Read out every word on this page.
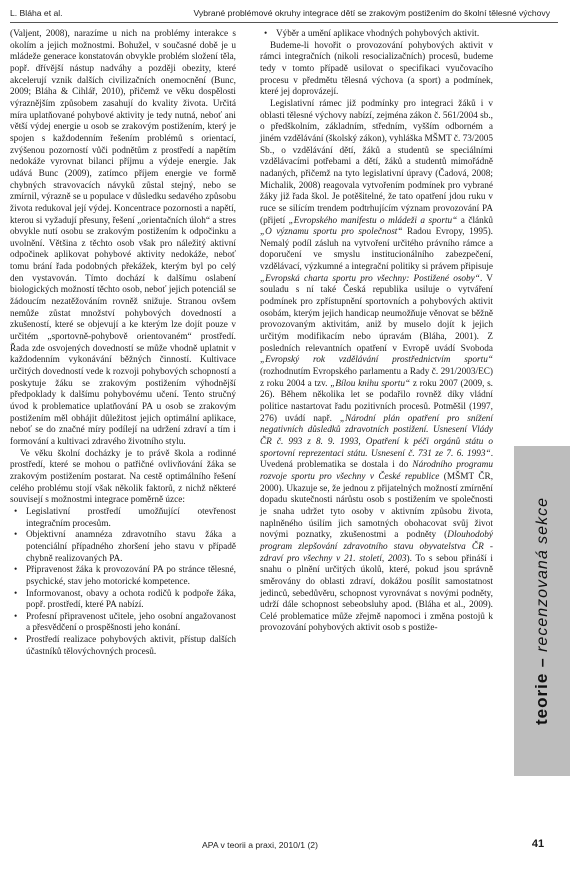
L. Bláha et al.	Vybrané problémové okruhy integrace dětí se zrakovým postižením do školní tělesné výchovy

(Valjent, 2008), narazíme u nich na problémy interakce s okolím a jejich možnostmi. Bohužel, v současné době je u mládeže generace konstatován obvykle problém složení těla, popř. dřívější nástup nadváhy a později obezity, které akcelerují vznik dalších civilizačních onemocnění (Bunc, 2009; Bláha & Cihlář, 2010), přičemž ve věku dospělosti výraznějším způsobem zasahují do kvality života. Určitá míra uplatňované pohybové aktivity je tedy nutná, neboť ani větší výdej energie u osob se zrakovým postižením, který je spojen s každodenním řešením problémů s orientací, zvýšenou pozorností vůči podnětům z prostředí a napětím nedokáže vyrovnat bilanci příjmu a výdeje energie. Jak udává Bunc (2009), zatímco příjem energie ve formě chybných stravovacích návyků zůstal stejný, nebo se zmírnil, výrazně se u populace v důsledku sedavého způsobu života redukoval její výdej. Koncentrace pozornosti a napětí, kterou si vyžadují přesuny, řešení „orientačních úloh“ a stres obvykle nutí osobu se zrakovým postižením k odpočinku a uvolnění. Většina z těchto osob však pro náležitý aktivní odpočinek aplikovat pohybové aktivity nedokáže, neboť tomu brání řada podobných překážek, kterým byl po celý den vystavován. Tímto dochází k dalšímu oslabení biologických možností těchto osob, neboť jejich potenciál se žádoucím nezatěžováním rovněž snižuje. Stranou ovšem nemůže zůstat množství pohybových dovedností a zkušeností, které se objevují a ke kterým lze dojít pouze v určitém „sportovně-pohybově orientovaném“ prostředí. Řada zde osvojených dovedností se může vhodně uplatnit v každodenním vykonávání běžných činností. Kultivace určitých dovedností vede k rozvoji pohybových schopností a poskytuje žáku se zrakovým postižením výhodnější předpoklady k dalšímu pohybovému učení. Tento stručný úvod k problematice uplatňování PA u osob se zrakovým postižením měl obhájit důležitost jejich optimální aplikace, neboť se do značné míry podílejí na udržení zdraví a tím i formování a kultivaci zdravého životního stylu.

Ve věku školní docházky je to právě škola a rodinné prostředí, které se mohou o patřičné ovlivňování žáka se zrakovým postižením postarat. Na cestě optimálního řešení celého problému stojí však několik faktorů, z nichž některé souvisejí s možnostmi integrace poměrně úzce:

• Legislativní prostředí umožňující otevřenost integračním procesům.
• Objektivní anamnéza zdravotního stavu žáka a potenciální případného zhoršení jeho stavu v případě chybně realizovaných PA.
• Připravenost žáka k provozování PA po stránce tělesné, psychické, stav jeho motorické kompetence.
• Informovanost, obavy a ochota rodičů k podpoře žáka, popř. prostředí, které PA nabízí.
• Profesní připravenost učitele, jeho osobní angažovanost a přesvědčení o prospěšnosti jeho konání.
• Prostředí realizace pohybových aktivit, přístup dalších účastníků tělovýchovných procesů.
• Výběr a umění aplikace vhodných pohybových aktivit.

Budeme-li hovořit o provozování pohybových aktivit v rámci integračních (nikoli resocializačních) procesů, budeme tedy v tomto případě usilovat o specifikaci vyučovacího procesu v předmětu tělesná výchova (a sport) a podmínek, které jej doprovázejí.

Legislativní rámec již podmínky pro integraci žáků i v oblasti tělesné výchovy nabízí, zejména zákon č. 561/2004 sb., o předškolním, základním, středním, vyšším odborném a jiném vzdělávání (školský zákon), vyhláška MŠMT č. 73/2005 Sb., o vzdělávání dětí, žáků a studentů se speciálními vzdělávacími potřebami a dětí, žáků a studentů mimořádně nadaných, přičemž na tyto legislativní úpravy (Čadová, 2008; Michalik, 2008) reagovala vytvořením podmínek pro vybrané žáky již řada škol. Je potěšitelné, že tato opatření jdou ruku v ruce se silícím trendem podtrhujícím význam provozování PA (přijetí „Evropského manifestu o mládeži a sportu“ a článků „O významu sportu pro společnost“ Radou Evropy, 1995). Nemalý podíl zásluh na vytvoření určitého právního rámce a doporučení ve smyslu institucionálního zabezpečení, vzdělávací, výzkumné a integrační politiky si právem připisuje „Evropská charta sportu pro všechny: Postižené osoby“. V souladu s ní také Česká republika usiluje o vytváření podmínek pro zpřístupnění sportovních a pohybových aktivit osobám, kterým jejich handicap neumožňuje věnovat se běžně provozovaným aktivitám, aniž by muselo dojít k jejich určitým modifikacím nebo úpravám (Bláha, 2001). Z posledních relevantních opatření v Evropě uvádí Svoboda „Evropský rok vzdělávání prostřednictvím sportu“ (rozhodnutím Evropského parlamentu a Rady č. 291/2003/EC) z roku 2004 a tzv. „Bílou knihu sportu“ z roku 2007 (2009, s. 26). Během několika let se podařilo rovněž díky vládní politice nastartovat řadu pozitivních procesů. Potměšil (1997, 276) uvádí např. „Národní plán opatření pro snížení negativních důsledků zdravotních postižení. Usnesení Vlády ČR č. 993 z 8. 9. 1993, Opatření k péči orgánů státu o sportovní reprezentaci státu. Usnesení č. 731 ze 7. 6. 1993“. Uvedená problematika se dostala i do Národního programu rozvoje sportu pro všechny v České republice (MŠMT ČR, 2000). Ukazuje se, že jednou z přijatelných možností zmírnění dopadu skutečnosti nárůstu osob s postižením ve společnosti je snaha udržet tyto osoby v aktivním způsobu života, naplněného úsilím jich samotných obohacovat svůj život novými poznatky, zkušenostmi a podněty (Dlouhodobý program zlepšování zdravotního stavu obyvatelstva ČR - zdraví pro všechny v 21. století, 2003). To s sebou přináší i snahu o plnění určitých úkolů, které, pokud jsou správně směrovány do oblasti zdraví, dokážou posílit samostatnost jedinců, sebedůvěru, schopnost vyrovnávat s novými podněty, udrží dále schopnost sebeobsluhy apod. (Bláha et al., 2009). Celé problematice může zřejmě napomoci i změna postojů k provozování pohybových aktivit osob s postiže-

teorie – recenzovaná sekce
APA v teorii a praxi, 2010/1 (2)	41
